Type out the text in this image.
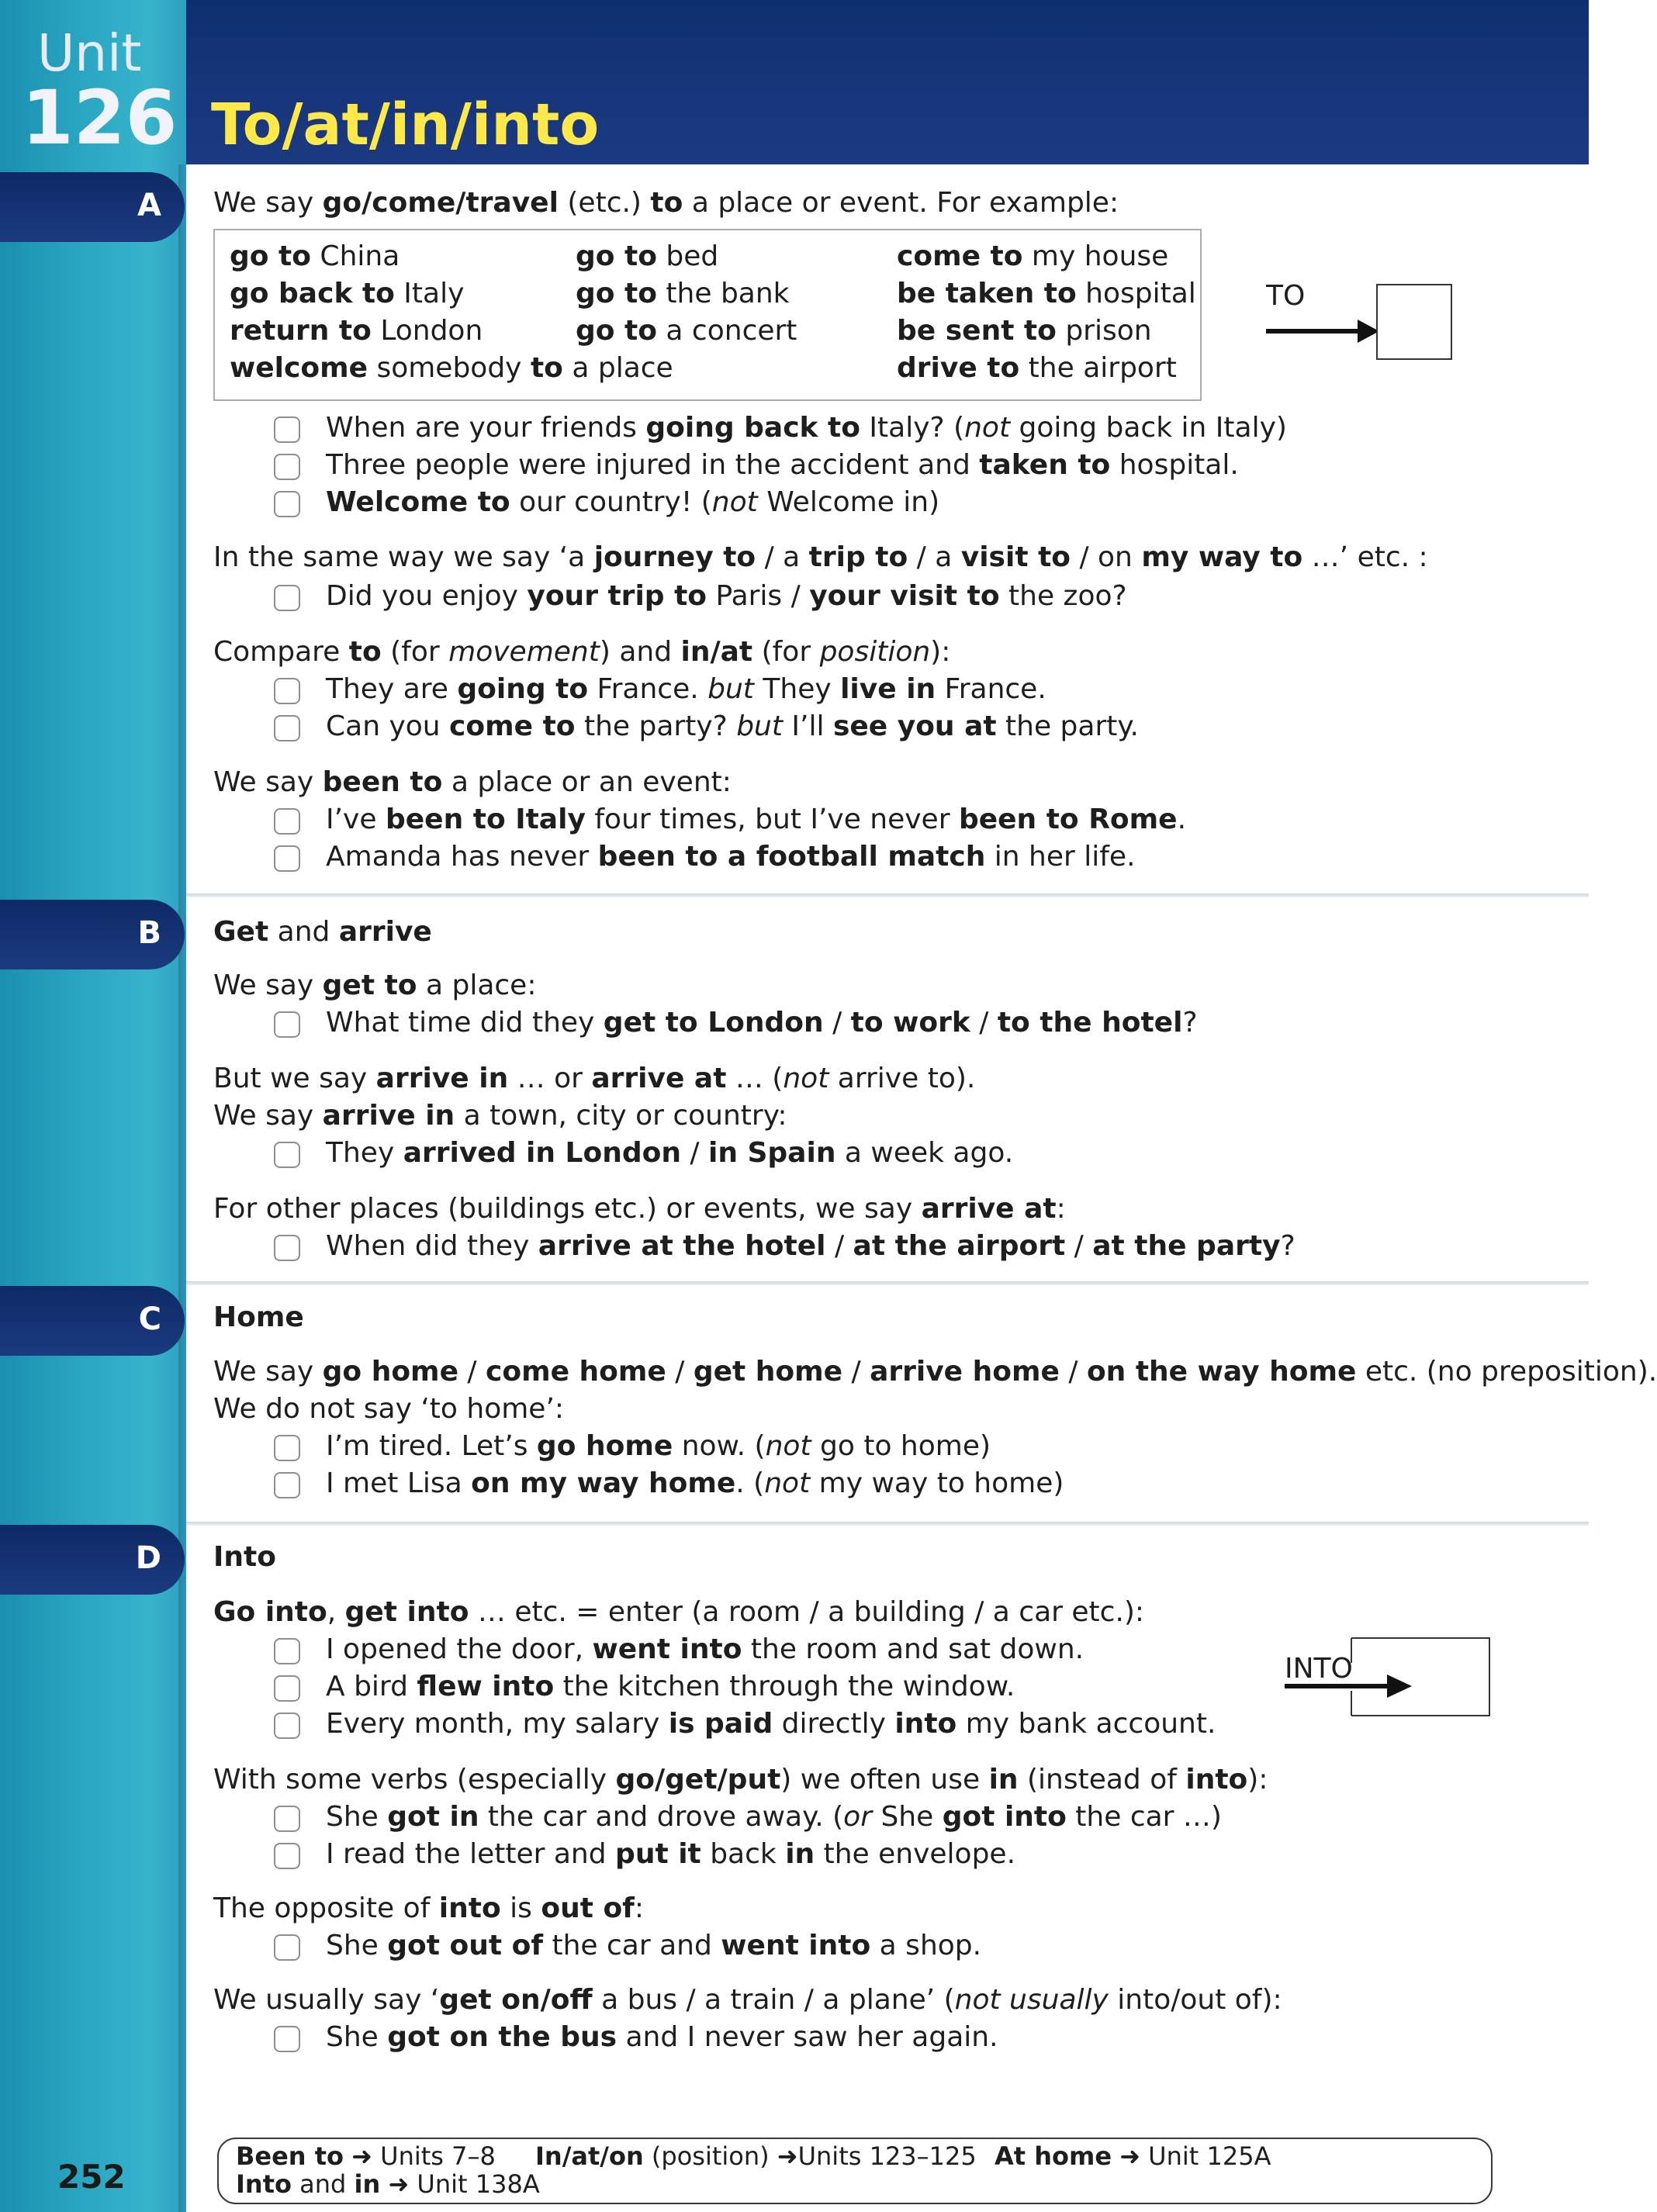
Unit
126 To/at/in/into
A
B
C
D
We say go/come/travel (etc.) to a place or event. For example:
TO
In the same way we say ‘a journey to / a trip to / a visit to / on my way to …’ etc. :
Compare to (for movement) and in/at (for position):
We say been to a place or an event:
Get and arrive
We say get to a place:
But we say arrive in … or arrive at … (not arrive to).
We say arrive in a town, city or country:
For other places (buildings etc.) or events, we say arrive at:
Home
We say go home / come home / get home / arrive home / on the way home etc. (no preposition).
We do not say ‘to home’:
Into
Go into, get into … etc. = enter (a room / a building / a car etc.):
INTO
With some verbs (especially go/get/put) we often use in (instead of into):
The opposite of into is out of:
We usually say ‘get on/off a bus / a train / a plane’ (not usually into/out of):
Been to ➜ Units 7–8 In/at/on (position) ➜Units 123–125 At home ➜ Unit 125A
Into and in ➜ Unit 138A
252
When are your friends going back to Italy? (not going back in Italy)
Three people were injured in the accident and taken to hospital.
Welcome to our country! (not Welcome in)
Did you enjoy your trip to Paris / your visit to the zoo?
They are going to France. but They live in France.
Can you come to the party? but I’ll see you at the party.
I’ve been to Italy four times, but I’ve never been to Rome.
Amanda has never been to a football match in her life.
What time did they get to London / to work / to the hotel?
They arrived in London / in Spain a week ago.
When did they arrive at the hotel / at the airport / at the party?
I’m tired. Let’s go home now. (not go to home)
I met Lisa on my way home. (not my way to home)
I opened the door, went into the room and sat down.
A bird flew into the kitchen through the window.
Every month, my salary is paid directly into my bank account.
She got in the car and drove away. (or She got into the car …)
I read the letter and put it back in the envelope.
She got out of the car and went into a shop.
She got on the bus and I never saw her again.
go to China
go back to Italy
return to London
welcome somebody to a place
go to bed
go to the bank
go to a concert
come to my house
be taken to hospital
be sent to prison
drive to the airport
